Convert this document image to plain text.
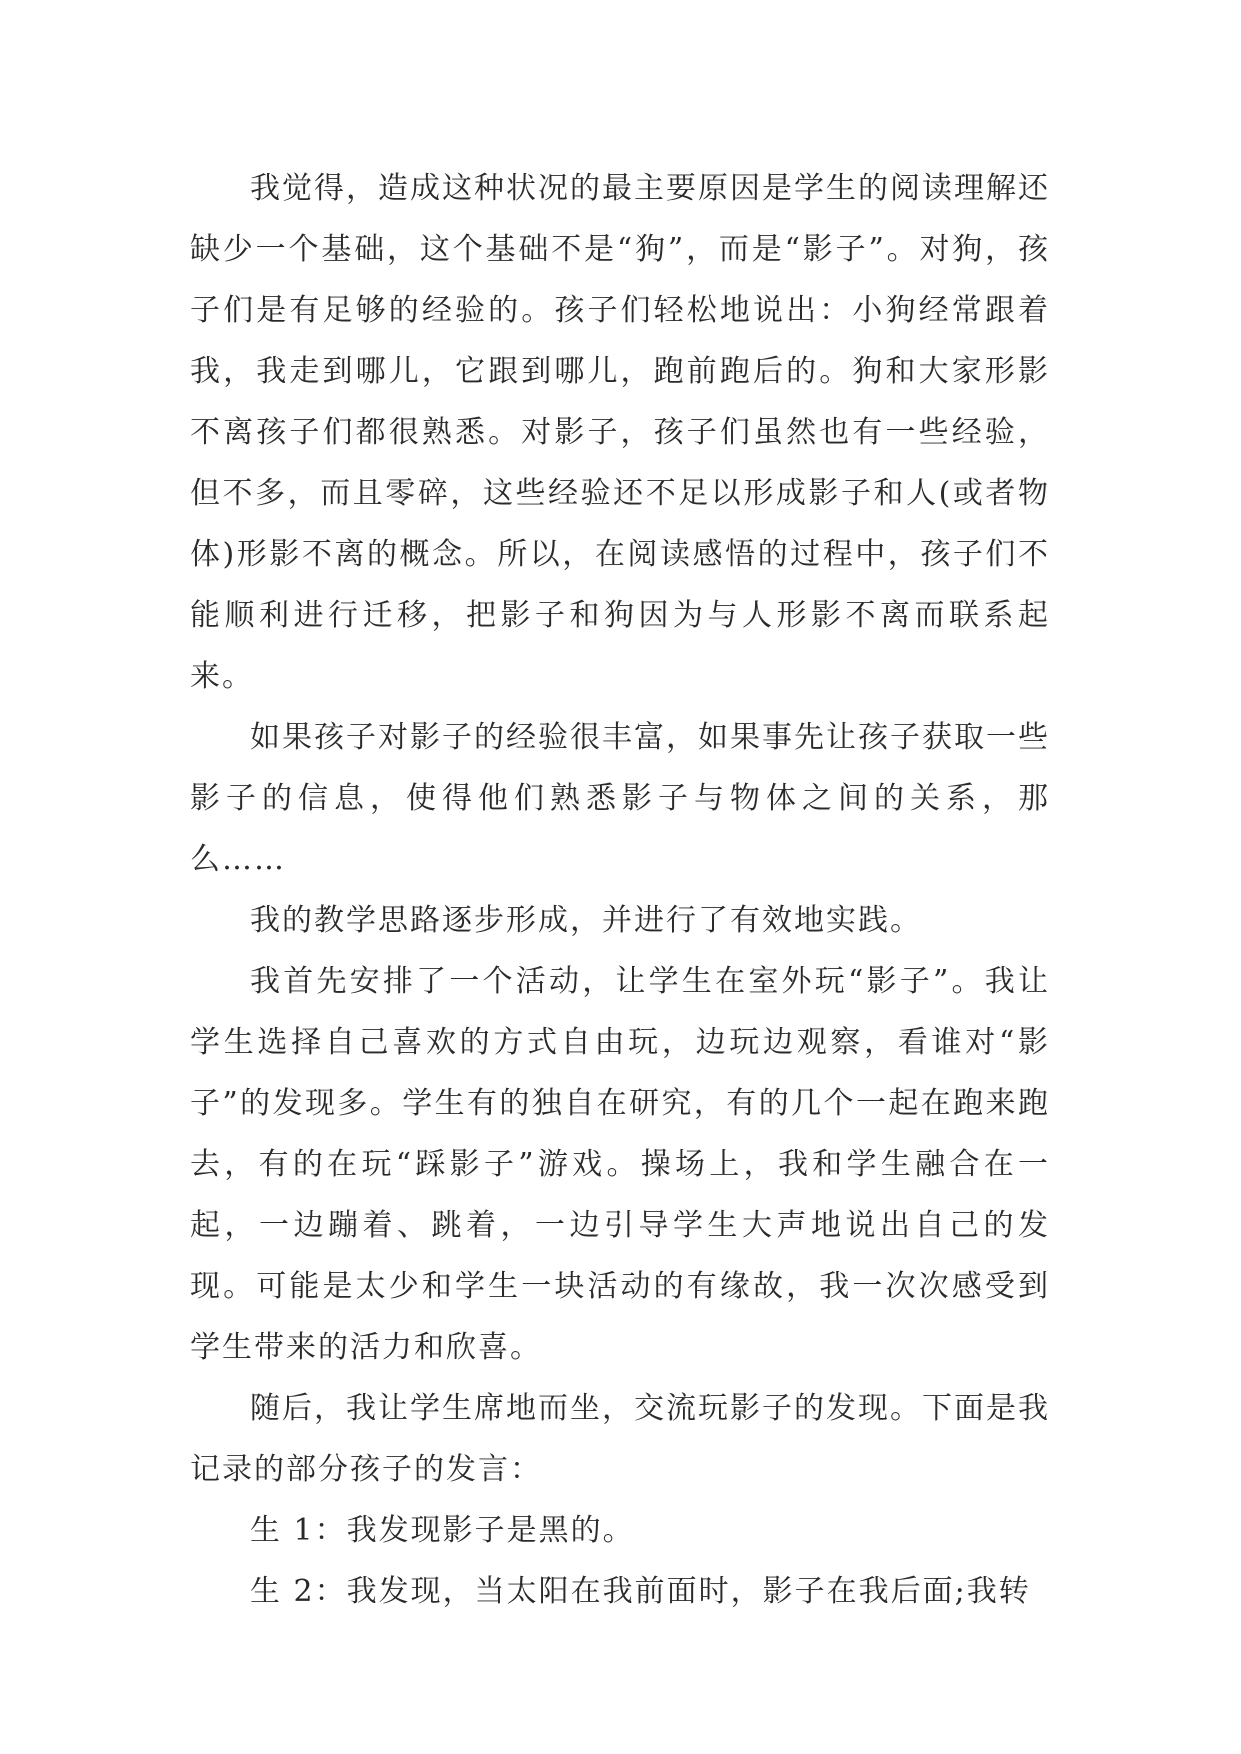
我觉得，造成这种状况的最主要原因是学生的阅读理解还缺少一个基础，这个基础不是“狗”，而是“影子”。对狗，孩子们是有足够的经验的。孩子们轻松地说出：小狗经常跟着我，我走到哪儿，它跟到哪儿，跑前跑后的。狗和大家形影不离孩子们都很熟悉。对影子，孩子们虽然也有一些经验，但不多，而且零碎，这些经验还不足以形成影子和人(或者物体)形影不离的概念。所以，在阅读感悟的过程中，孩子们不能顺利进行迁移，把影子和狗因为与人形影不离而联系起来。

如果孩子对影子的经验很丰富，如果事先让孩子获取一些影子的信息，使得他们熟悉影子与物体之间的关系，那么……

我的教学思路逐步形成，并进行了有效地实践。

我首先安排了一个活动，让学生在室外玩“影子”。我让学生选择自己喜欢的方式自由玩，边玩边观察，看谁对“影子”的发现多。学生有的独自在研究，有的几个一起在跑来跑去，有的在玩“踩影子”游戏。操场上，我和学生融合在一起，一边蹦着、跳着，一边引导学生大声地说出自己的发现。可能是太少和学生一块活动的有缘故，我一次次感受到学生带来的活力和欣喜。

随后，我让学生席地而坐，交流玩影子的发现。下面是我记录的部分孩子的发言：

生 1：我发现影子是黑的。

生 2：我发现，当太阳在我前面时，影子在我后面;我转
